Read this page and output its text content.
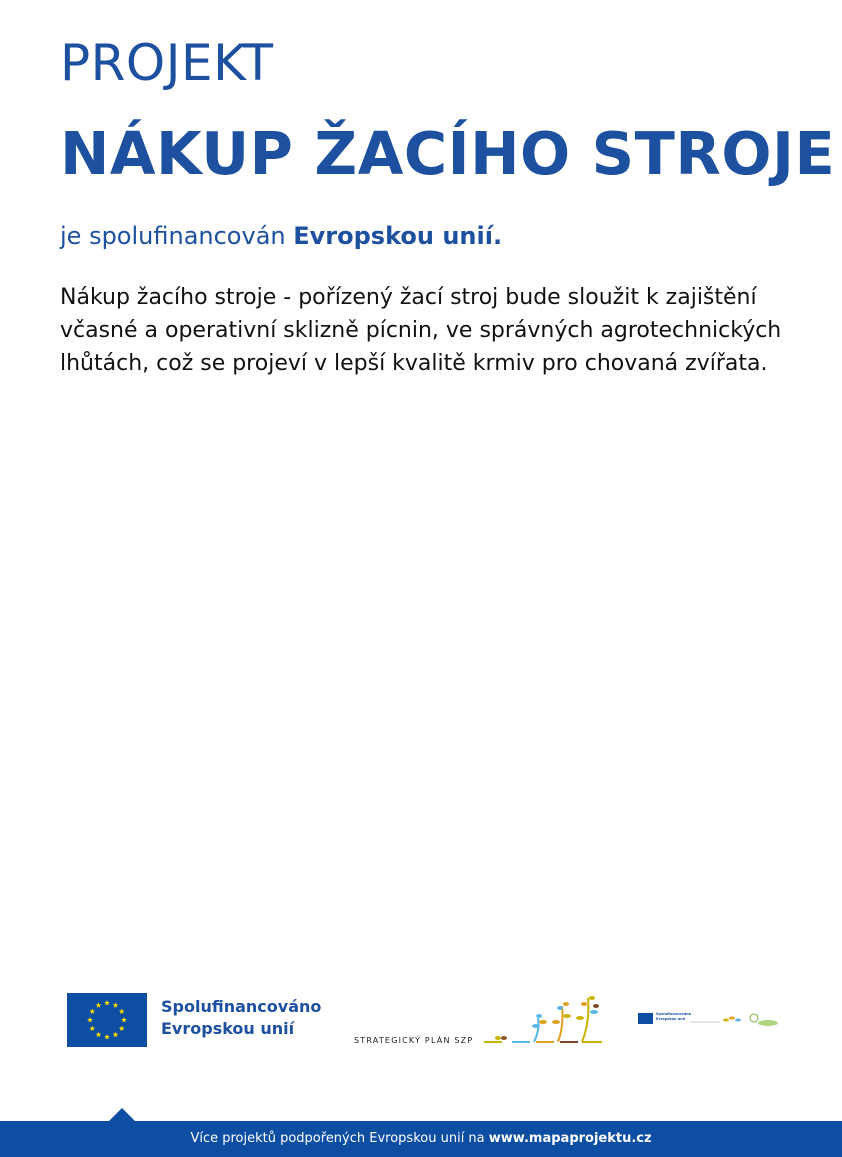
PROJEKT
NÁKUP ŽACÍHO STROJE
je spolufinancován Evropskou unií.

Nákup žacího stroje - pořízený žací stroj bude sloužit k zajištění včasné a operativní sklizně pícnin, ve správných agrotechnických lhůtách, což se projeví v lepší kvalitě krmiv pro chovaná zvířata.

Spolufinancováno
Evropskou unií
STRATEGICKÝ PLÁN SZP
Spolufinancováno
Evropskou unií
Více projektů podpořených Evropskou unií na www.mapaprojektu.cz
